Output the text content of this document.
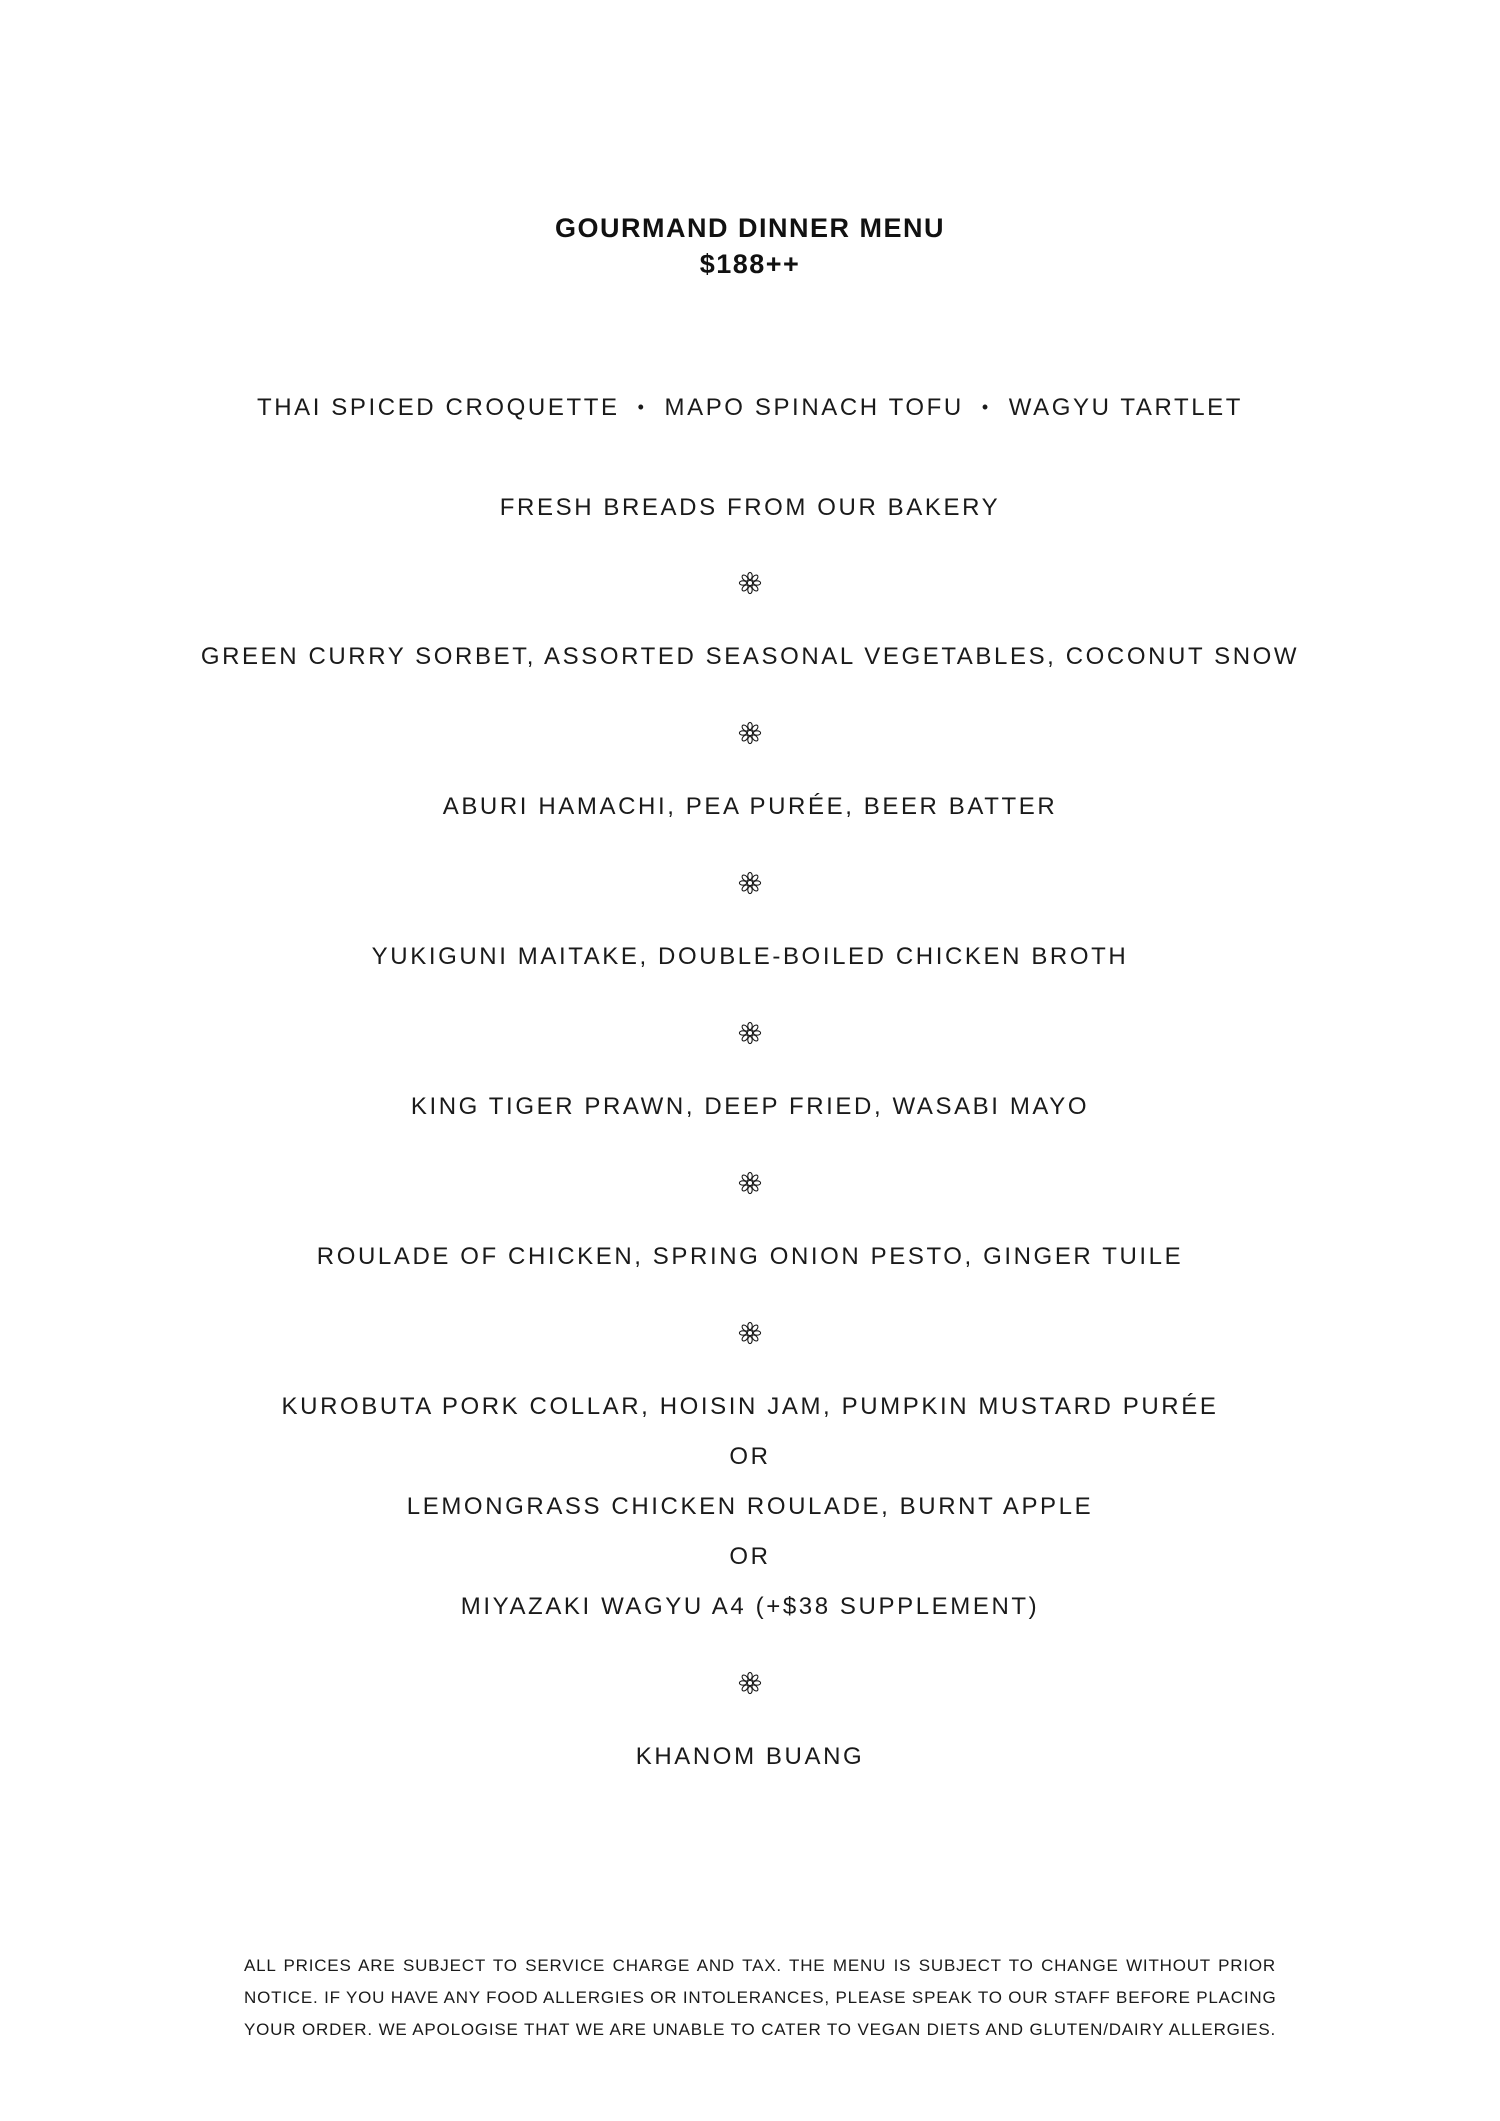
GOURMAND DINNER MENU
$188++
THAI SPICED CROQUETTE • MAPO SPINACH TOFU • WAGYU TARTLET
FRESH BREADS FROM OUR BAKERY
GREEN CURRY SORBET, ASSORTED SEASONAL VEGETABLES, COCONUT SNOW
ABURI HAMACHI, PEA PURÉE, BEER BATTER
YUKIGUNI MAITAKE, DOUBLE-BOILED CHICKEN BROTH
KING TIGER PRAWN, DEEP FRIED, WASABI MAYO
ROULADE OF CHICKEN, SPRING ONION PESTO, GINGER TUILE
KUROBUTA PORK COLLAR, HOISIN JAM, PUMPKIN MUSTARD PURÉE
OR
LEMONGRASS CHICKEN ROULADE, BURNT APPLE
OR
MIYAZAKI WAGYU A4 (+$38 SUPPLEMENT)
KHANOM BUANG
ALL PRICES ARE SUBJECT TO SERVICE CHARGE AND TAX. THE MENU IS SUBJECT TO CHANGE WITHOUT PRIOR
NOTICE. IF YOU HAVE ANY FOOD ALLERGIES OR INTOLERANCES, PLEASE SPEAK TO OUR STAFF BEFORE PLACING
YOUR ORDER. WE APOLOGISE THAT WE ARE UNABLE TO CATER TO VEGAN DIETS AND GLUTEN/DAIRY ALLERGIES.
